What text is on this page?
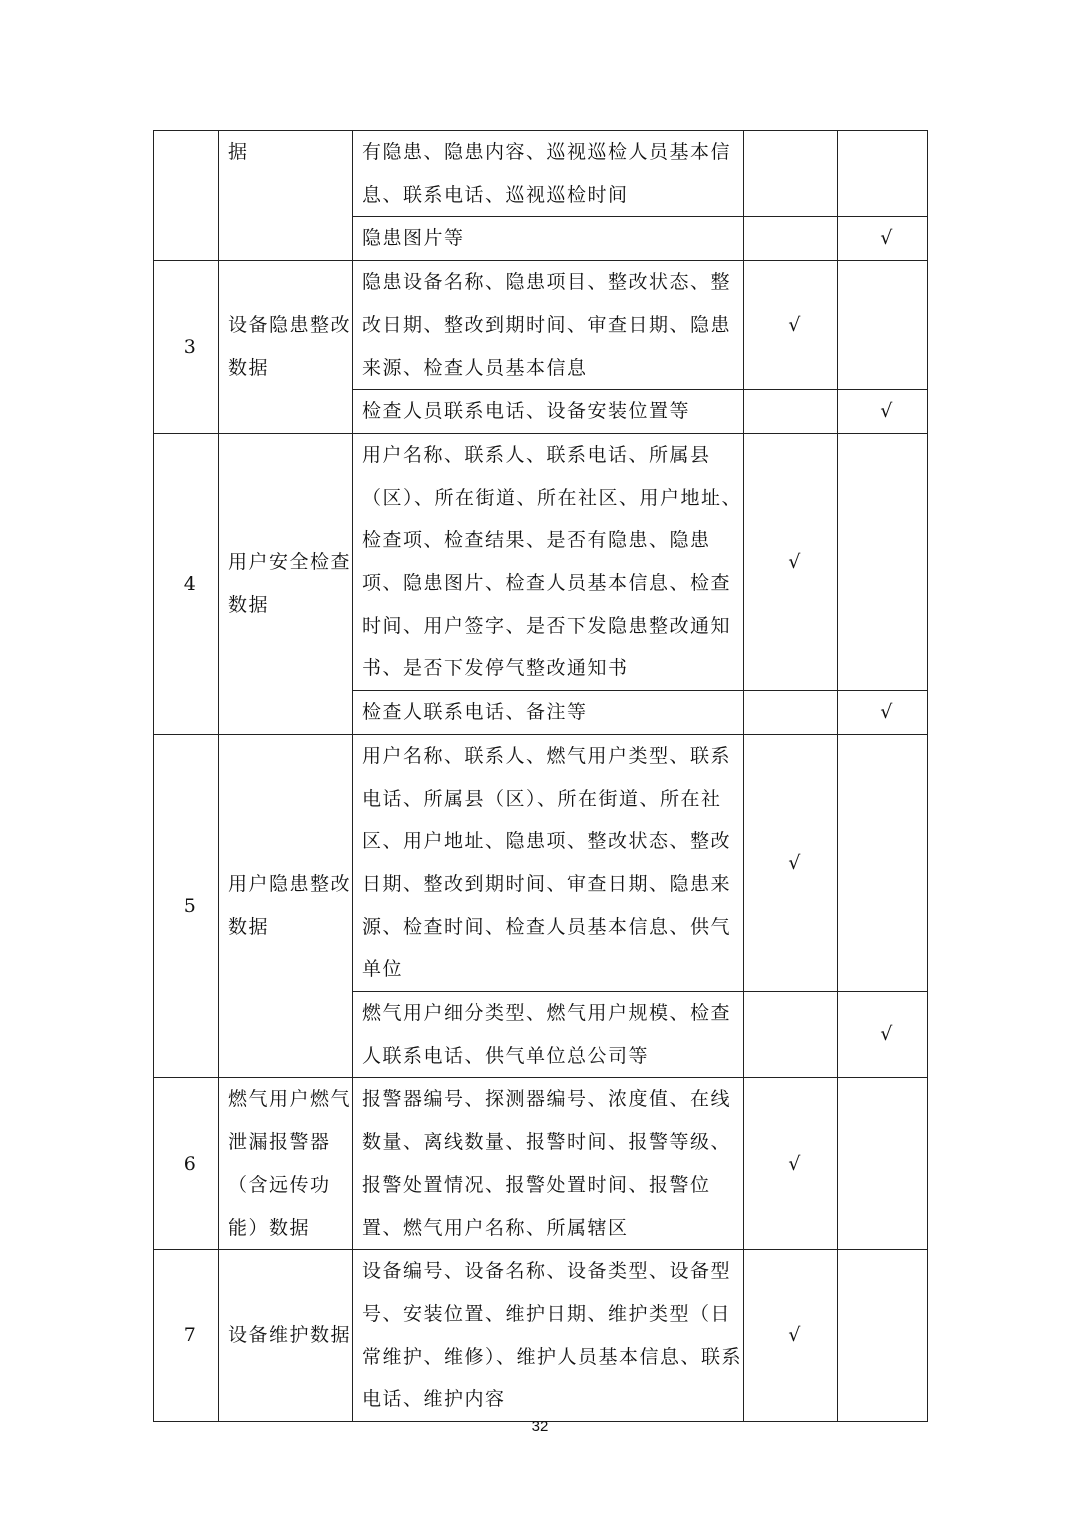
	据	有隐患、隐患内容、巡视巡检人员基本信息、联系电话、巡视巡检时间		
		隐患图片等		√
3	设备隐患整改数据	隐患设备名称、隐患项目、整改状态、整改日期、整改到期时间、审查日期、隐患来源、检查人员基本信息	√	
		检查人员联系电话、设备安装位置等		√
4	用户安全检查数据	用户名称、联系人、联系电话、所属县（区）、所在街道、所在社区、用户地址、检查项、检查结果、是否有隐患、隐患项、隐患图片、检查人员基本信息、检查时间、用户签字、是否下发隐患整改通知书、是否下发停气整改通知书	√	
		检查人联系电话、备注等		√
5	用户隐患整改数据	用户名称、联系人、燃气用户类型、联系电话、所属县（区）、所在街道、所在社区、用户地址、隐患项、整改状态、整改日期、整改到期时间、审查日期、隐患来源、检查时间、检查人员基本信息、供气单位	√	
		燃气用户细分类型、燃气用户规模、检查人联系电话、供气单位总公司等		√
6	燃气用户燃气泄漏报警器（含远传功能）数据	报警器编号、探测器编号、浓度值、在线数量、离线数量、报警时间、报警等级、报警处置情况、报警处置时间、报警位置、燃气用户名称、所属辖区	√	
7	设备维护数据	设备编号、设备名称、设备类型、设备型号、安装位置、维护日期、维护类型（日常维护、维修）、维护人员基本信息、联系电话、维护内容	√	
32
